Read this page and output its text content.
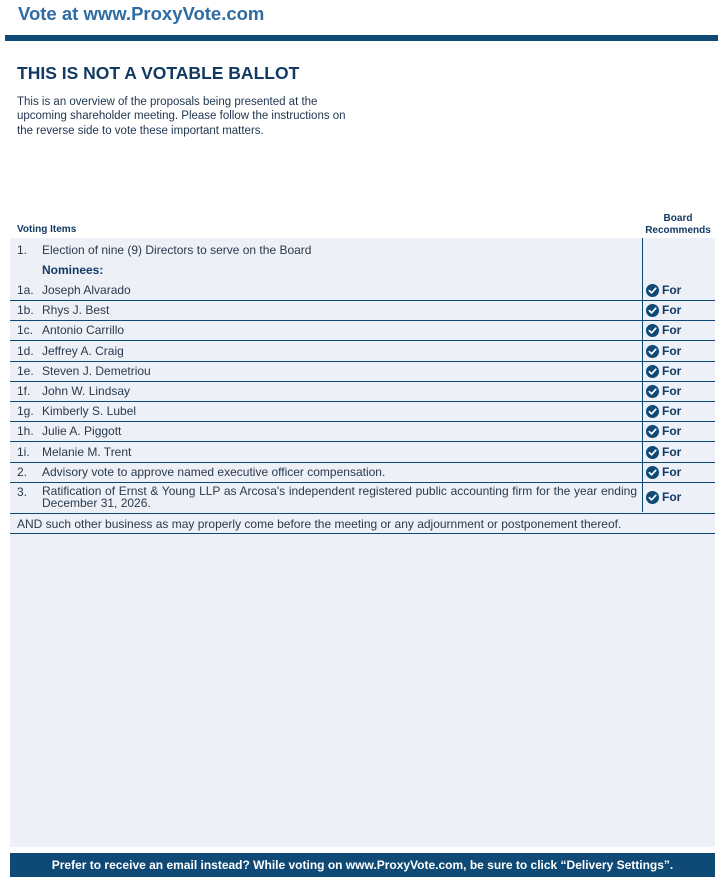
Vote at www.ProxyVote.com
THIS IS NOT A VOTABLE BALLOT
This is an overview of the proposals being presented at the upcoming shareholder meeting. Please follow the instructions on the reverse side to vote these important matters.
Voting Items
Board
Recommends
1. Election of nine (9) Directors to serve on the Board
Nominees:
1a. Joseph Alvarado	For
1b. Rhys J. Best	For
1c. Antonio Carrillo	For
1d. Jeffrey A. Craig	For
1e. Steven J. Demetriou	For
1f. John W. Lindsay	For
1g. Kimberly S. Lubel	For
1h. Julie A. Piggott	For
1i. Melanie M. Trent	For
2. Advisory vote to approve named executive officer compensation.	For
3. Ratification of Ernst & Young LLP as Arcosa's independent registered public accounting firm for the year ending December 31, 2026.	For
AND such other business as may properly come before the meeting or any adjournment or postponement thereof.
Prefer to receive an email instead? While voting on www.ProxyVote.com, be sure to click “Delivery Settings”.
